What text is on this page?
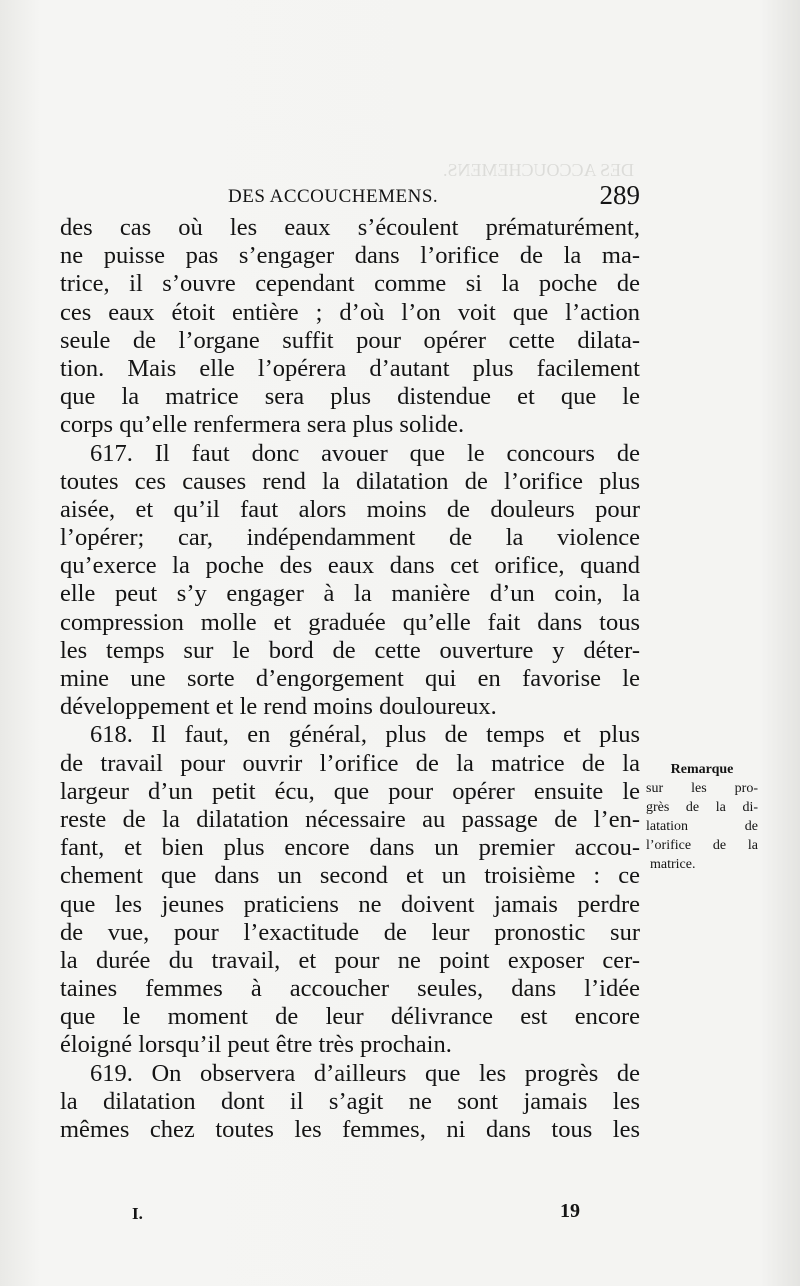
DES ACCOUCHEMENS.
DES ACCOUCHEMENS.	289
des cas où les eaux s’écoulent prématurément,
ne puisse pas s’engager dans l’orifice de la ma-
trice, il s’ouvre cependant comme si la poche de
ces eaux étoit entière ; d’où l’on voit que l’action
seule de l’organe suffit pour opérer cette dilata-
tion. Mais elle l’opérera d’autant plus facilement
que la matrice sera plus distendue et que le
corps qu’elle renfermera sera plus solide.
617. Il faut donc avouer que le concours de
toutes ces causes rend la dilatation de l’orifice plus
aisée, et qu’il faut alors moins de douleurs pour
l’opérer; car, indépendamment de la violence
qu’exerce la poche des eaux dans cet orifice, quand
elle peut s’y engager à la manière d’un coin, la
compression molle et graduée qu’elle fait dans tous
les temps sur le bord de cette ouverture y déter-
mine une sorte d’engorgement qui en favorise le
développement et le rend moins douloureux.
618. Il faut, en général, plus de temps et plus
de travail pour ouvrir l’orifice de la matrice de la
largeur d’un petit écu, que pour opérer ensuite le
reste de la dilatation nécessaire au passage de l’en-
fant, et bien plus encore dans un premier accou-
chement que dans un second et un troisième : ce
que les jeunes praticiens ne doivent jamais perdre
de vue, pour l’exactitude de leur pronostic sur
la durée du travail, et pour ne point exposer cer-
taines femmes à accoucher seules, dans l’idée
que le moment de leur délivrance est encore
éloigné lorsqu’il peut être très prochain.
619. On observera d’ailleurs que les progrès de
la dilatation dont il s’agit ne sont jamais les
mêmes chez toutes les femmes, ni dans tous les
Remarque
sur les pro-
grès de la di-
latation de
l’orifice de la
matrice.
I.	19
